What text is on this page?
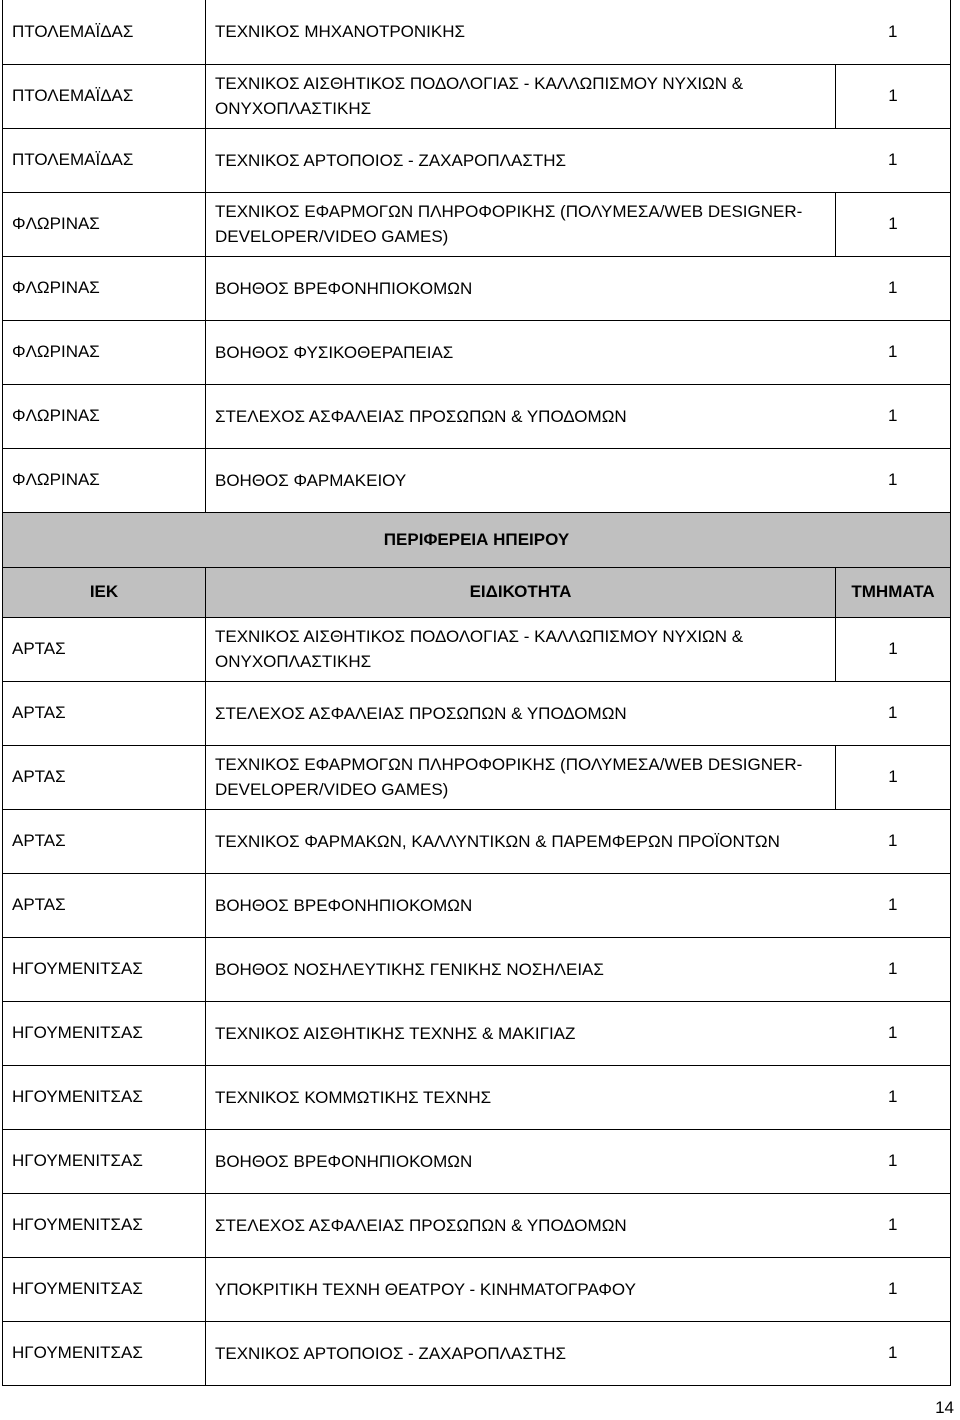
ΠΤΟΛΕΜΑΪΔΑΣ	ΤΕΧΝΙΚΟΣ ΜΗΧΑΝΟΤΡΟΝΙΚΗΣ	1
ΠΤΟΛΕΜΑΪΔΑΣ	ΤΕΧΝΙΚΟΣ ΑΙΣΘΗΤΙΚΟΣ ΠΟΔΟΛΟΓΙΑΣ - ΚΑΛΛΩΠΙΣΜΟΥ ΝΥΧΙΩΝ &
ΟΝΥΧΟΠΛΑΣΤΙΚΗΣ	1
ΠΤΟΛΕΜΑΪΔΑΣ	ΤΕΧΝΙΚΟΣ ΑΡΤΟΠΟΙΟΣ - ΖΑΧΑΡΟΠΛΑΣΤΗΣ	1
ΦΛΩΡΙΝΑΣ	ΤΕΧΝΙΚΟΣ ΕΦΑΡΜΟΓΩΝ ΠΛΗΡΟΦΟΡΙΚΗΣ (ΠΟΛΥΜΕΣΑ/WEB DESIGNER-
DEVELOPER/VIDEO GAMES)	1
ΦΛΩΡΙΝΑΣ	ΒΟΗΘΟΣ ΒΡΕΦΟΝΗΠΙΟΚΟΜΩΝ	1
ΦΛΩΡΙΝΑΣ	ΒΟΗΘΟΣ ΦΥΣΙΚΟΘΕΡΑΠΕΙΑΣ	1
ΦΛΩΡΙΝΑΣ	ΣΤΕΛΕΧΟΣ ΑΣΦΑΛΕΙΑΣ ΠΡΟΣΩΠΩΝ & ΥΠΟΔΟΜΩΝ	1
ΦΛΩΡΙΝΑΣ	ΒΟΗΘΟΣ ΦΑΡΜΑΚΕΙΟΥ	1
ΠΕΡΙΦΕΡΕΙΑ ΗΠΕΙΡΟΥ		
ΙΕΚ	ΕΙΔΙΚΟΤΗΤΑ	ΤΜΗΜΑΤΑ
ΑΡΤΑΣ	ΤΕΧΝΙΚΟΣ ΑΙΣΘΗΤΙΚΟΣ ΠΟΔΟΛΟΓΙΑΣ - ΚΑΛΛΩΠΙΣΜΟΥ ΝΥΧΙΩΝ &
ΟΝΥΧΟΠΛΑΣΤΙΚΗΣ	1
ΑΡΤΑΣ	ΣΤΕΛΕΧΟΣ ΑΣΦΑΛΕΙΑΣ ΠΡΟΣΩΠΩΝ & ΥΠΟΔΟΜΩΝ	1
ΑΡΤΑΣ	ΤΕΧΝΙΚΟΣ ΕΦΑΡΜΟΓΩΝ ΠΛΗΡΟΦΟΡΙΚΗΣ (ΠΟΛΥΜΕΣΑ/WEB DESIGNER-
DEVELOPER/VIDEO GAMES)	1
ΑΡΤΑΣ	ΤΕΧΝΙΚΟΣ ΦΑΡΜΑΚΩΝ, ΚΑΛΛΥΝΤΙΚΩΝ & ΠΑΡΕΜΦΕΡΩΝ ΠΡΟΪΟΝΤΩΝ	1
ΑΡΤΑΣ	ΒΟΗΘΟΣ ΒΡΕΦΟΝΗΠΙΟΚΟΜΩΝ	1
ΗΓΟΥΜΕΝΙΤΣΑΣ	ΒΟΗΘΟΣ ΝΟΣΗΛΕΥΤΙΚΗΣ ΓΕΝΙΚΗΣ ΝΟΣΗΛΕΙΑΣ	1
ΗΓΟΥΜΕΝΙΤΣΑΣ	ΤΕΧΝΙΚΟΣ ΑΙΣΘΗΤΙΚΗΣ ΤΕΧΝΗΣ & ΜΑΚΙΓΙΑΖ	1
ΗΓΟΥΜΕΝΙΤΣΑΣ	ΤΕΧΝΙΚΟΣ ΚΟΜΜΩΤΙΚΗΣ ΤΕΧΝΗΣ	1
ΗΓΟΥΜΕΝΙΤΣΑΣ	ΒΟΗΘΟΣ ΒΡΕΦΟΝΗΠΙΟΚΟΜΩΝ	1
ΗΓΟΥΜΕΝΙΤΣΑΣ	ΣΤΕΛΕΧΟΣ ΑΣΦΑΛΕΙΑΣ ΠΡΟΣΩΠΩΝ & ΥΠΟΔΟΜΩΝ	1
ΗΓΟΥΜΕΝΙΤΣΑΣ	ΥΠΟΚΡΙΤΙΚΗ ΤΕΧΝΗ ΘΕΑΤΡΟΥ - ΚΙΝΗΜΑΤΟΓΡΑΦΟΥ	1
ΗΓΟΥΜΕΝΙΤΣΑΣ	ΤΕΧΝΙΚΟΣ ΑΡΤΟΠΟΙΟΣ - ΖΑΧΑΡΟΠΛΑΣΤΗΣ	1
14
